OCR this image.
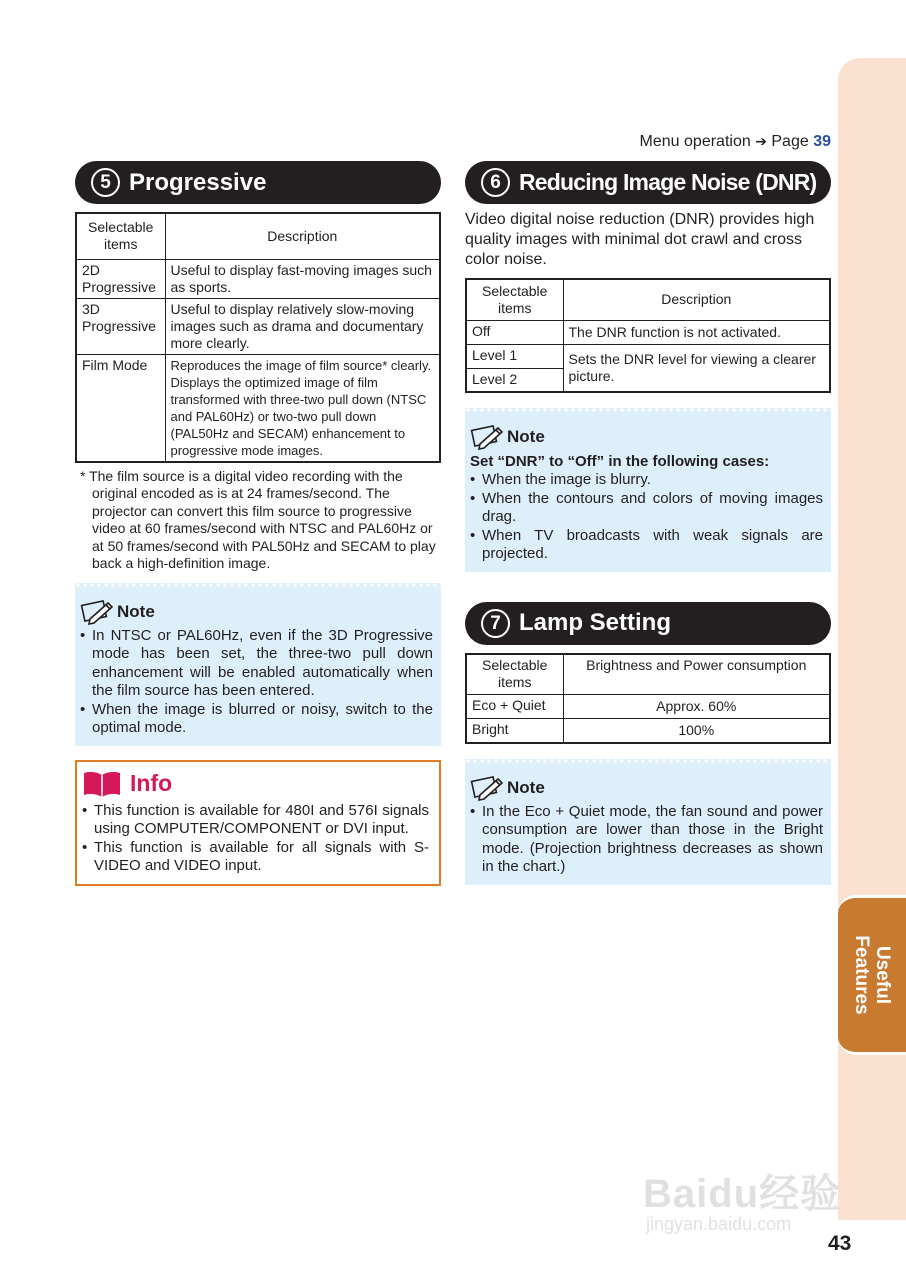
Useful
Features
Menu operation ➔ Page 39
5 Progressive
Selectable items	Description
2D Progressive	Useful to display fast-moving images such as sports.
3D Progressive	Useful to display relatively slow-moving images such as drama and documentary more clearly.
Film Mode	Reproduces the image of film source* clearly. Displays the optimized image of film transformed with three-two pull down (NTSC and PAL60Hz) or two-two pull down (PAL50Hz and SECAM) enhancement to progressive mode images.

* The film source is a digital video recording with the original encoded as is at 24 frames/second. The projector can convert this film source to progressive video at 60 frames/second with NTSC and PAL60Hz or at 50 frames/second with PAL50Hz and SECAM to play back a high-definition image.

Note
• In NTSC or PAL60Hz, even if the 3D Progressive mode has been set, the three-two pull down enhancement will be enabled automatically when the film source has been entered.
• When the image is blurred or noisy, switch to the optimal mode.
Info
• This function is available for 480I and 576I signals using COMPUTER/COMPONENT or DVI input.
• This function is available for all signals with S-VIDEO and VIDEO input.
6 Reducing Image Noise (DNR)

Video digital noise reduction (DNR) provides high quality images with minimal dot crawl and cross color noise.

Selectable items	Description
Off	The DNR function is not activated.
Level 1	Sets the DNR level for viewing a clearer picture.
Level 2	
Note

Set “DNR” to “Off” in the following cases:

• When the image is blurry.
• When the contours and colors of moving images drag.
• When TV broadcasts with weak signals are projected.
7 Lamp Setting
Selectable items	Brightness and Power consumption
Eco + Quiet	Approx. 60%
Bright	100%
Note
• In the Eco + Quiet mode, the fan sound and power consumption are lower than those in the Bright mode. (Projection brightness decreases as shown in the chart.)
Baidu经验
jingyan.baidu.com
43
